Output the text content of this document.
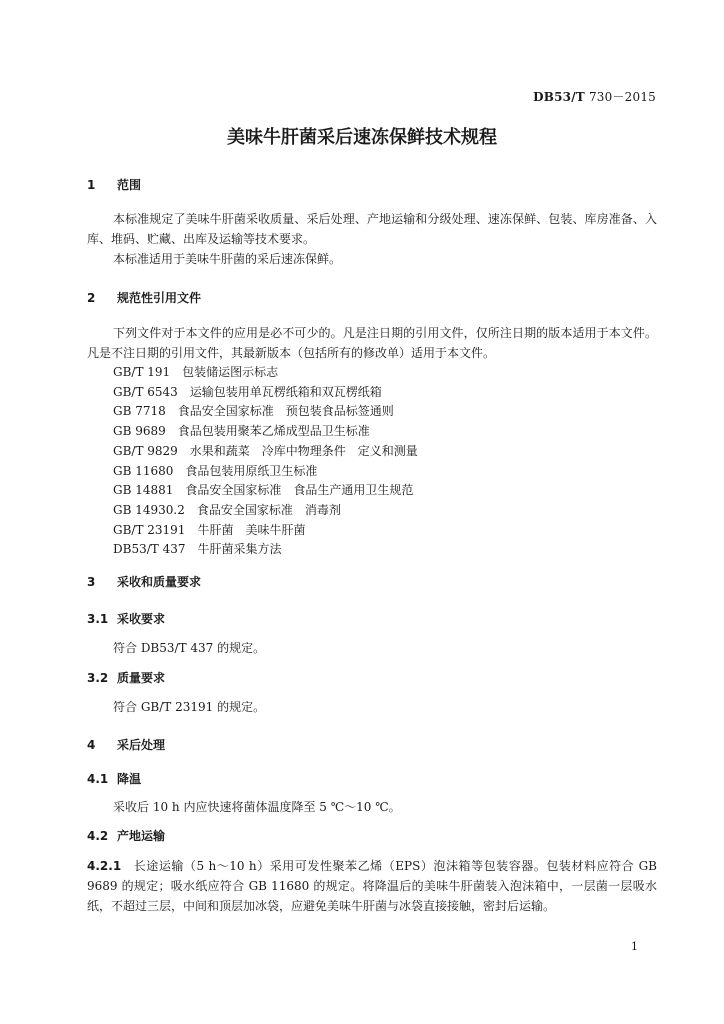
DB53/T 730－2015
美味牛肝菌采后速冻保鲜技术规程
1 范围
本标准规定了美味牛肝菌采收质量、采后处理、产地运输和分级处理、速冻保鲜、包装、库房准备、入库、堆码、贮藏、出库及运输等技术要求。
本标准适用于美味牛肝菌的采后速冻保鲜。
2 规范性引用文件
下列文件对于本文件的应用是必不可少的。凡是注日期的引用文件，仅所注日期的版本适用于本文件。凡是不注日期的引用文件，其最新版本（包括所有的修改单）适用于本文件。
GB/T 191　包装储运图示标志
GB/T 6543　运输包装用单瓦楞纸箱和双瓦楞纸箱
GB 7718　食品安全国家标准　预包装食品标签通则
GB 9689　食品包装用聚苯乙烯成型品卫生标准
GB/T 9829　水果和蔬菜　冷库中物理条件　定义和测量
GB 11680　食品包装用原纸卫生标准
GB 14881　食品安全国家标准　食品生产通用卫生规范
GB 14930.2　食品安全国家标准　消毒剂
GB/T 23191　牛肝菌　美味牛肝菌
DB53/T 437　牛肝菌采集方法
3 采收和质量要求
3.1 采收要求
符合 DB53/T 437 的规定。
3.2 质量要求
符合 GB/T 23191 的规定。
4 采后处理
4.1 降温
采收后 10 h 内应快速将菌体温度降至 5 ℃～10 ℃。
4.2 产地运输
4.2.1  长途运输（5 h～10 h）采用可发性聚苯乙烯（EPS）泡沫箱等包装容器。包装材料应符合 GB 9689 的规定；吸水纸应符合 GB 11680 的规定。将降温后的美味牛肝菌装入泡沫箱中，一层菌一层吸水纸，不超过三层，中间和顶层加冰袋，应避免美味牛肝菌与冰袋直接接触，密封后运输。
1
